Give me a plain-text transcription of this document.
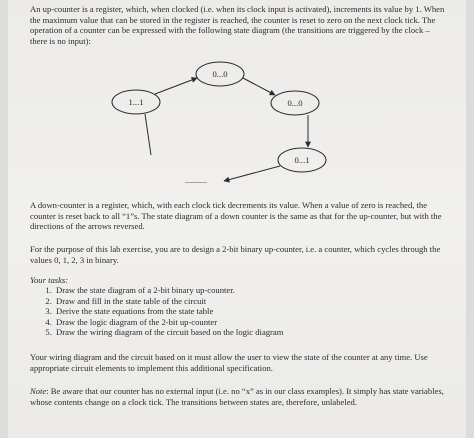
An up-counter is a register, which, when clocked (i.e. when its clock input is activated), increments its value by 1. When the maximum value that can be stored in the register is reached, the counter is reset to zero on the next clock tick. The operation of a counter can be expressed with the following state diagram (the transitions are triggered by the clock – there is no input):

0...0
0...0
0...1
1...1
...........

A down-counter is a register, which, with each clock tick decrements its value. When a value of zero is reached, the counter is reset back to all “1”s. The state diagram of a down counter is the same as that for the up-counter, but with the directions of the arrows reversed.

For the purpose of this lab exercise, you are to design a 2-bit binary up-counter, i.e. a counter, which cycles through the values 0, 1, 2, 3 in binary.

Your tasks:

1. Draw the state diagram of a 2-bit binary up-counter.
2. Draw and fill in the state table of the circuit
3. Derive the state equations from the state table
4. Draw the logic diagram of the 2-bit up-counter
5. Draw the wiring diagram of the circuit based on the logic diagram

Your wiring diagram and the circuit based on it must allow the user to view the state of the counter at any time. Use appropriate circuit elements to implement this additional specification.

Note: Be aware that our counter has no external input (i.e. no “x” as in our class examples). It simply has state variables, whose contents change on a clock tick. The transitions between states are, therefore, unlabeled.
